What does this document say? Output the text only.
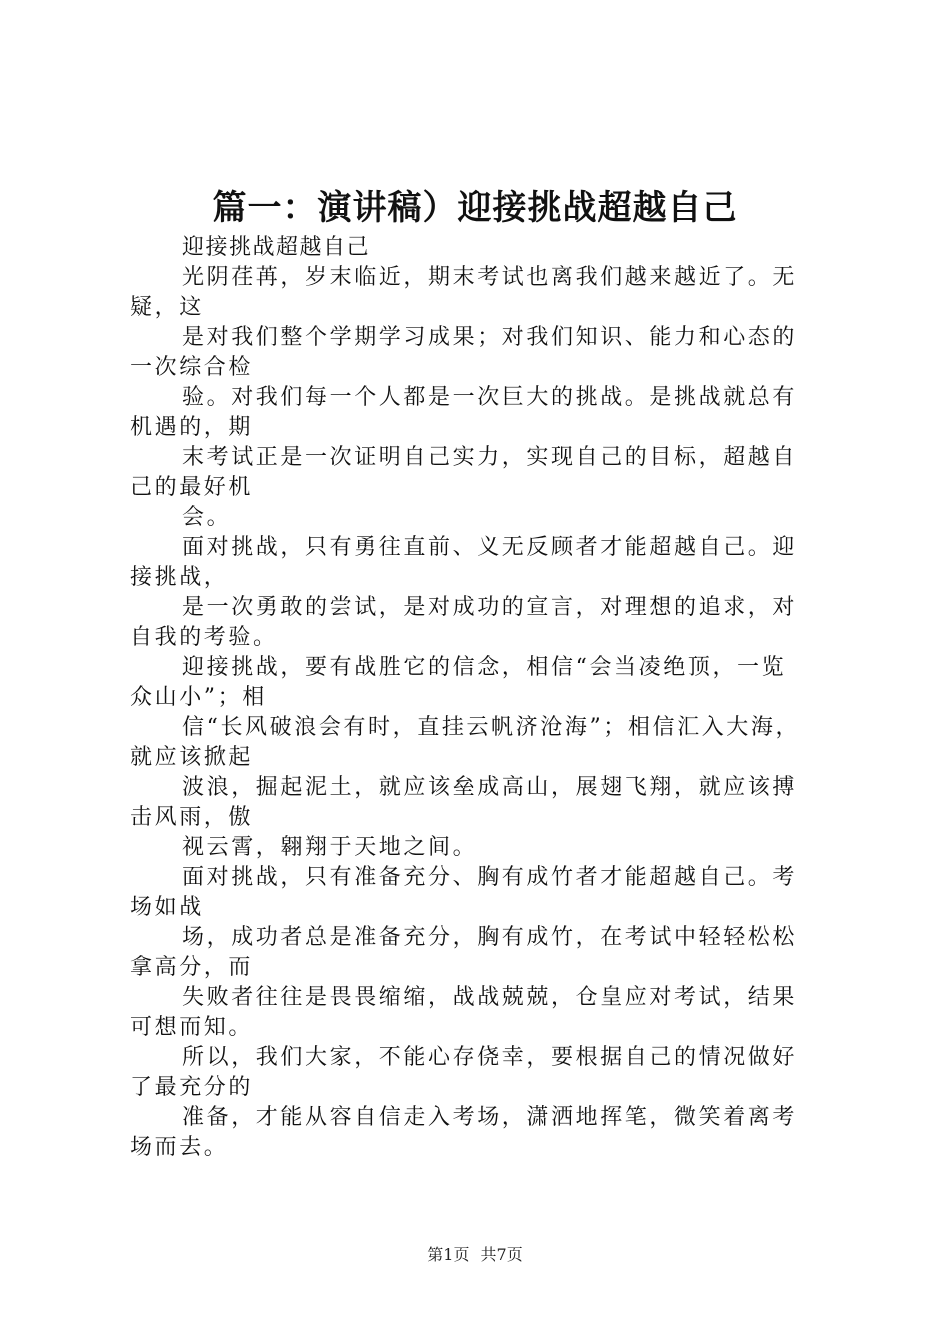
篇一：演讲稿）迎接挑战超越自己
迎接挑战超越自己
光阴荏苒，岁末临近，期末考试也离我们越来越近了。无
疑，这
是对我们整个学期学习成果；对我们知识、能力和心态的
一次综合检
验。对我们每一个人都是一次巨大的挑战。是挑战就总有
机遇的，期
末考试正是一次证明自己实力，实现自己的目标，超越自
己的最好机
会。
面对挑战，只有勇往直前、义无反顾者才能超越自己。迎
接挑战，
是一次勇敢的尝试，是对成功的宣言，对理想的追求，对
自我的考验。
迎接挑战，要有战胜它的信念，相信“会当凌绝顶，一览
众山小”；相
信“长风破浪会有时，直挂云帆济沧海”；相信汇入大海，
就应该掀起
波浪，掘起泥土，就应该垒成高山，展翅飞翔，就应该搏
击风雨，傲
视云霄，翱翔于天地之间。
面对挑战，只有准备充分、胸有成竹者才能超越自己。考
场如战
场，成功者总是准备充分，胸有成竹，在考试中轻轻松松
拿高分，而
失败者往往是畏畏缩缩，战战兢兢，仓皇应对考试，结果
可想而知。
所以，我们大家，不能心存侥幸，要根据自己的情况做好
了最充分的
准备，才能从容自信走入考场，潇洒地挥笔，微笑着离考
场而去。
第1页 共7页
